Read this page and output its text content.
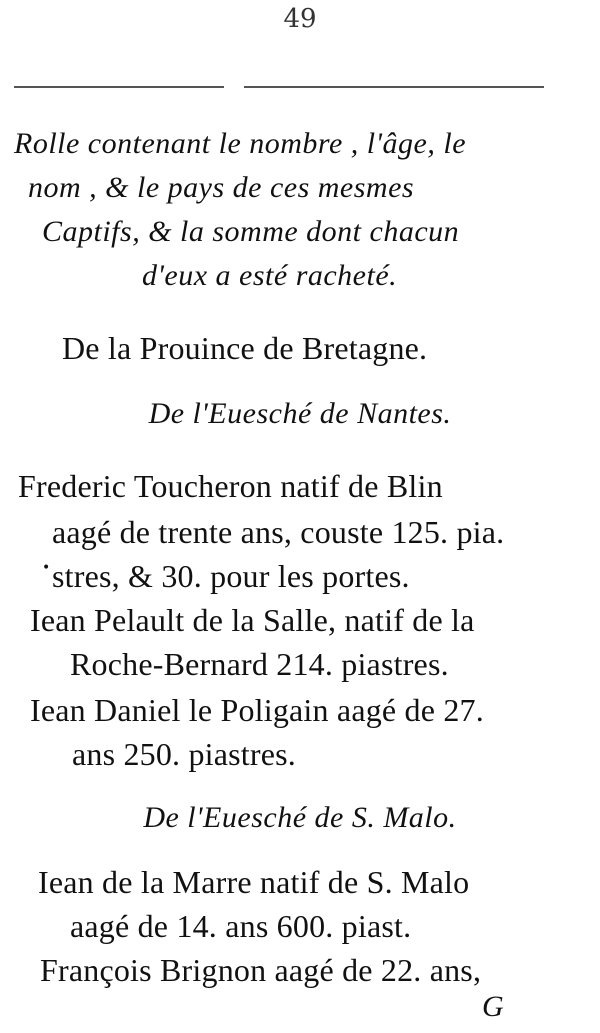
49
Rolle contenant le nombre , l'âge, le
nom , & le pays de ces mesmes
Captifs, & la somme dont chacun
d'eux a esté racheté.
De la Prouince de Bretagne.
De l'Euesché de Nantes.
Frederic Toucheron natif de Blin
aagé de trente ans, couste 125. pia.
• stres, & 30. pour les portes.
Iean Pelault de la Salle, natif de la
Roche-Bernard 214. piastres.
Iean Daniel le Poligain aagé de 27.
ans 250. piastres.
De l'Euesché de S. Malo.
Iean de la Marre natif de S. Malo
aagé de 14. ans 600. piast.
François Brignon aagé de 22. ans,
G
